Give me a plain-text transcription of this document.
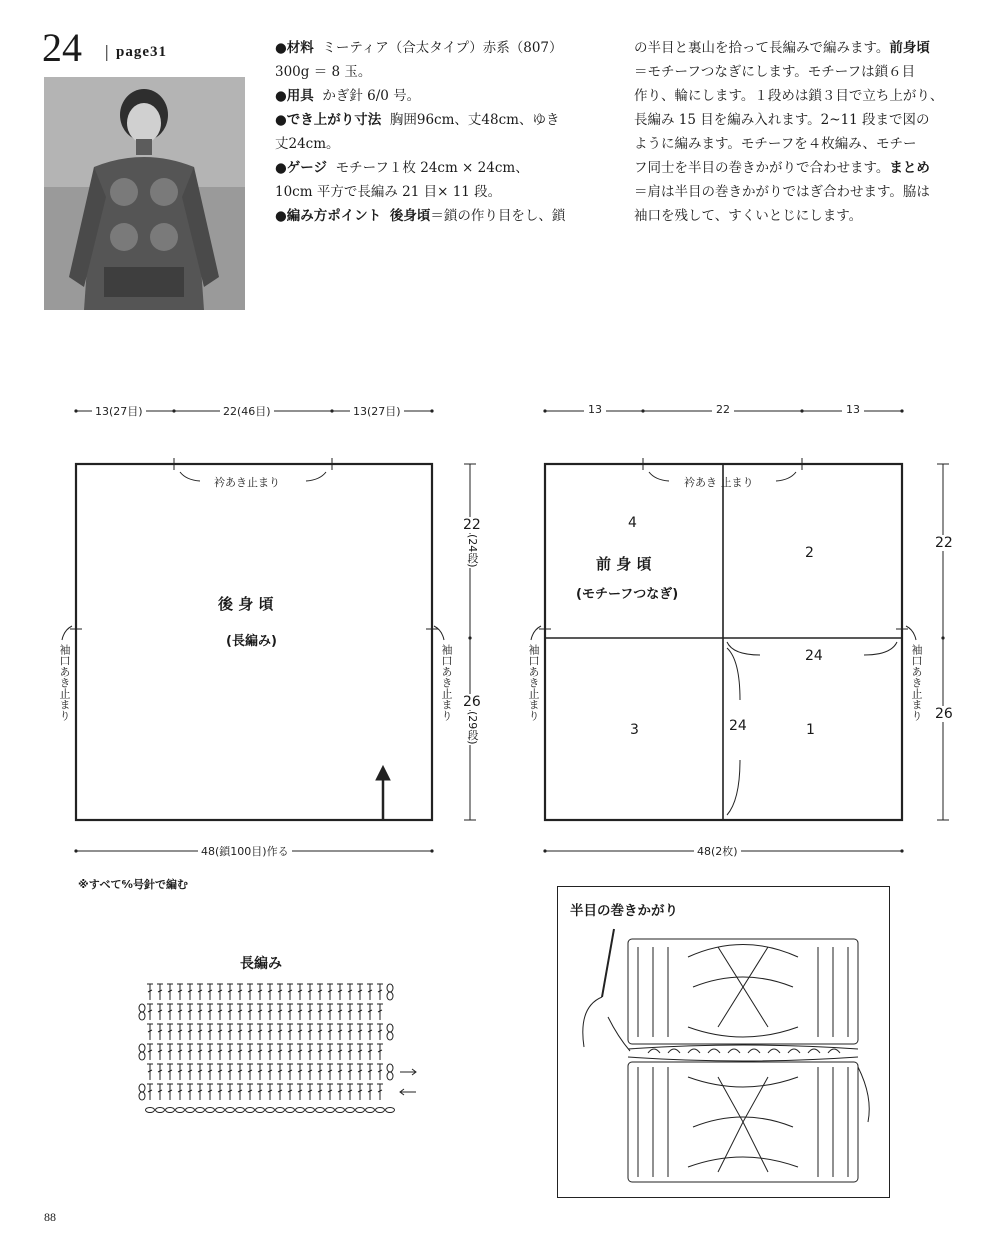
24 | page31	●材料 ミーティア（合太タイプ）赤系（807）

300g ＝ 8 玉。

●用具 かぎ針 6/0 号。

●でき上がり寸法 胸囲96cm、丈48cm、ゆき

丈24cm。

●ゲージ モチーフ１枚 24cm × 24cm、

10cm 平方で長編み 21 目× 11 段。

●編み方ポイント 後身頃＝鎖の作り目をし、鎖

の半目と裏山を拾って長編みで編みます。前身頃

＝モチーフつなぎにします。モチーフは鎖６目

作り、輪にします。１段めは鎖３目で立ち上がり、

長編み 15 目を編み入れます。2~11 段まで図の

ように編みます。モチーフを４枚編み、モチー

フ同士を半目の巻きかがりで合わせます。まとめ

＝肩は半目の巻きかがりではぎ合わせます。脇は

袖口を残して、すくいとじにします。

13(27目)	22(46目)	13(27目)
衿あき止まり
後 身 頃
(長編み)
22
(24段)
26
(29段)
袖口あき止まり	袖口あき止まり
48(鎖100目)作る
13	22	13
衿あき 止まり
4
2
3	1
前 身 頃
(モチーフつなぎ)
24
24
22
26
袖口あき止まり	袖口あき止まり
48(2枚)
※すべて⁶⁄₀号針で編む
長編み
半目の巻きかがり
88
